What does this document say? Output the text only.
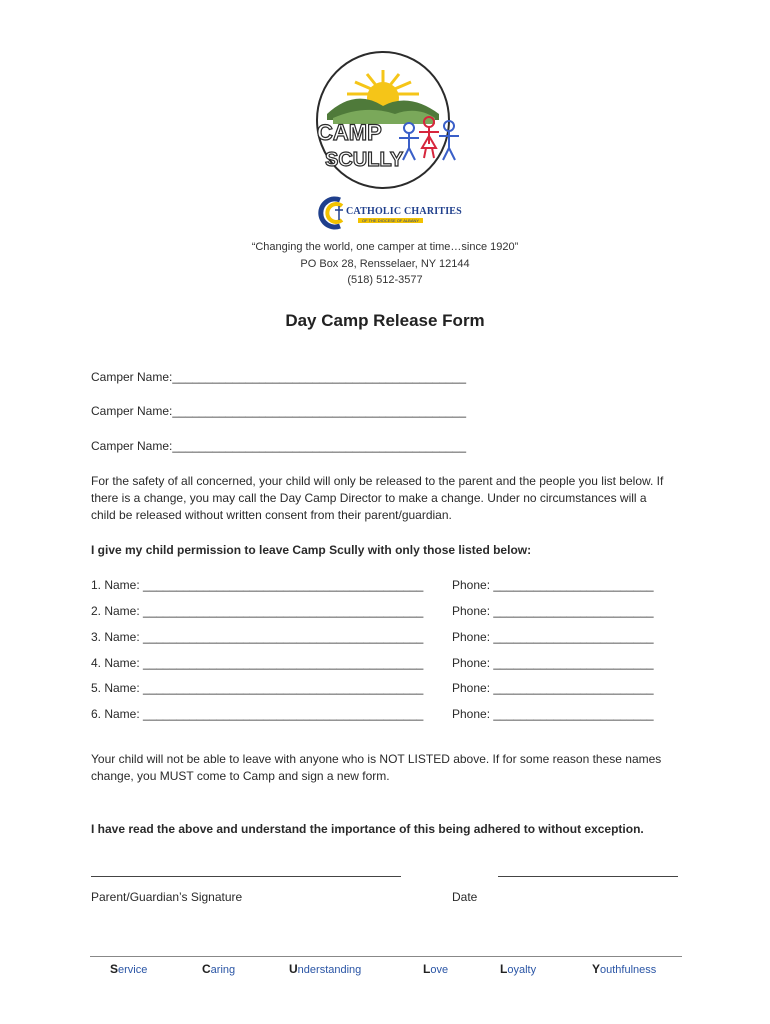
CAMP
SCULLY
CATHOLIC CHARITIES
OF THE DIOCESE OF ALBANY
“Changing the world, one camper at time…since 1920”
PO Box 28, Rensselaer, NY 12144
(518) 512-3577
Day Camp Release Form
Camper Name:____________________________________________
Camper Name:____________________________________________
Camper Name:____________________________________________
For the safety of all concerned, your child will only be released to the parent and the people you list below. If there is a change, you may call the Day Camp Director to make a change. Under no circumstances will a child be released without written consent from their parent/guardian.
I give my child permission to leave Camp Scully with only those listed below:
1. Name: __________________________________________ Phone: ________________________
2. Name: __________________________________________ Phone: ________________________
3. Name: __________________________________________ Phone: ________________________
4. Name: __________________________________________ Phone: ________________________
5. Name: __________________________________________ Phone: ________________________
6. Name: __________________________________________ Phone: ________________________
Your child will not be able to leave with anyone who is NOT LISTED above. If for some reason these names change, you MUST come to Camp and sign a new form.
I have read the above and understand the importance of this being adhered to without exception.
Parent/Guardian’s Signature	Date
Service	Caring	Understanding	Love	Loyalty	Youthfulness
